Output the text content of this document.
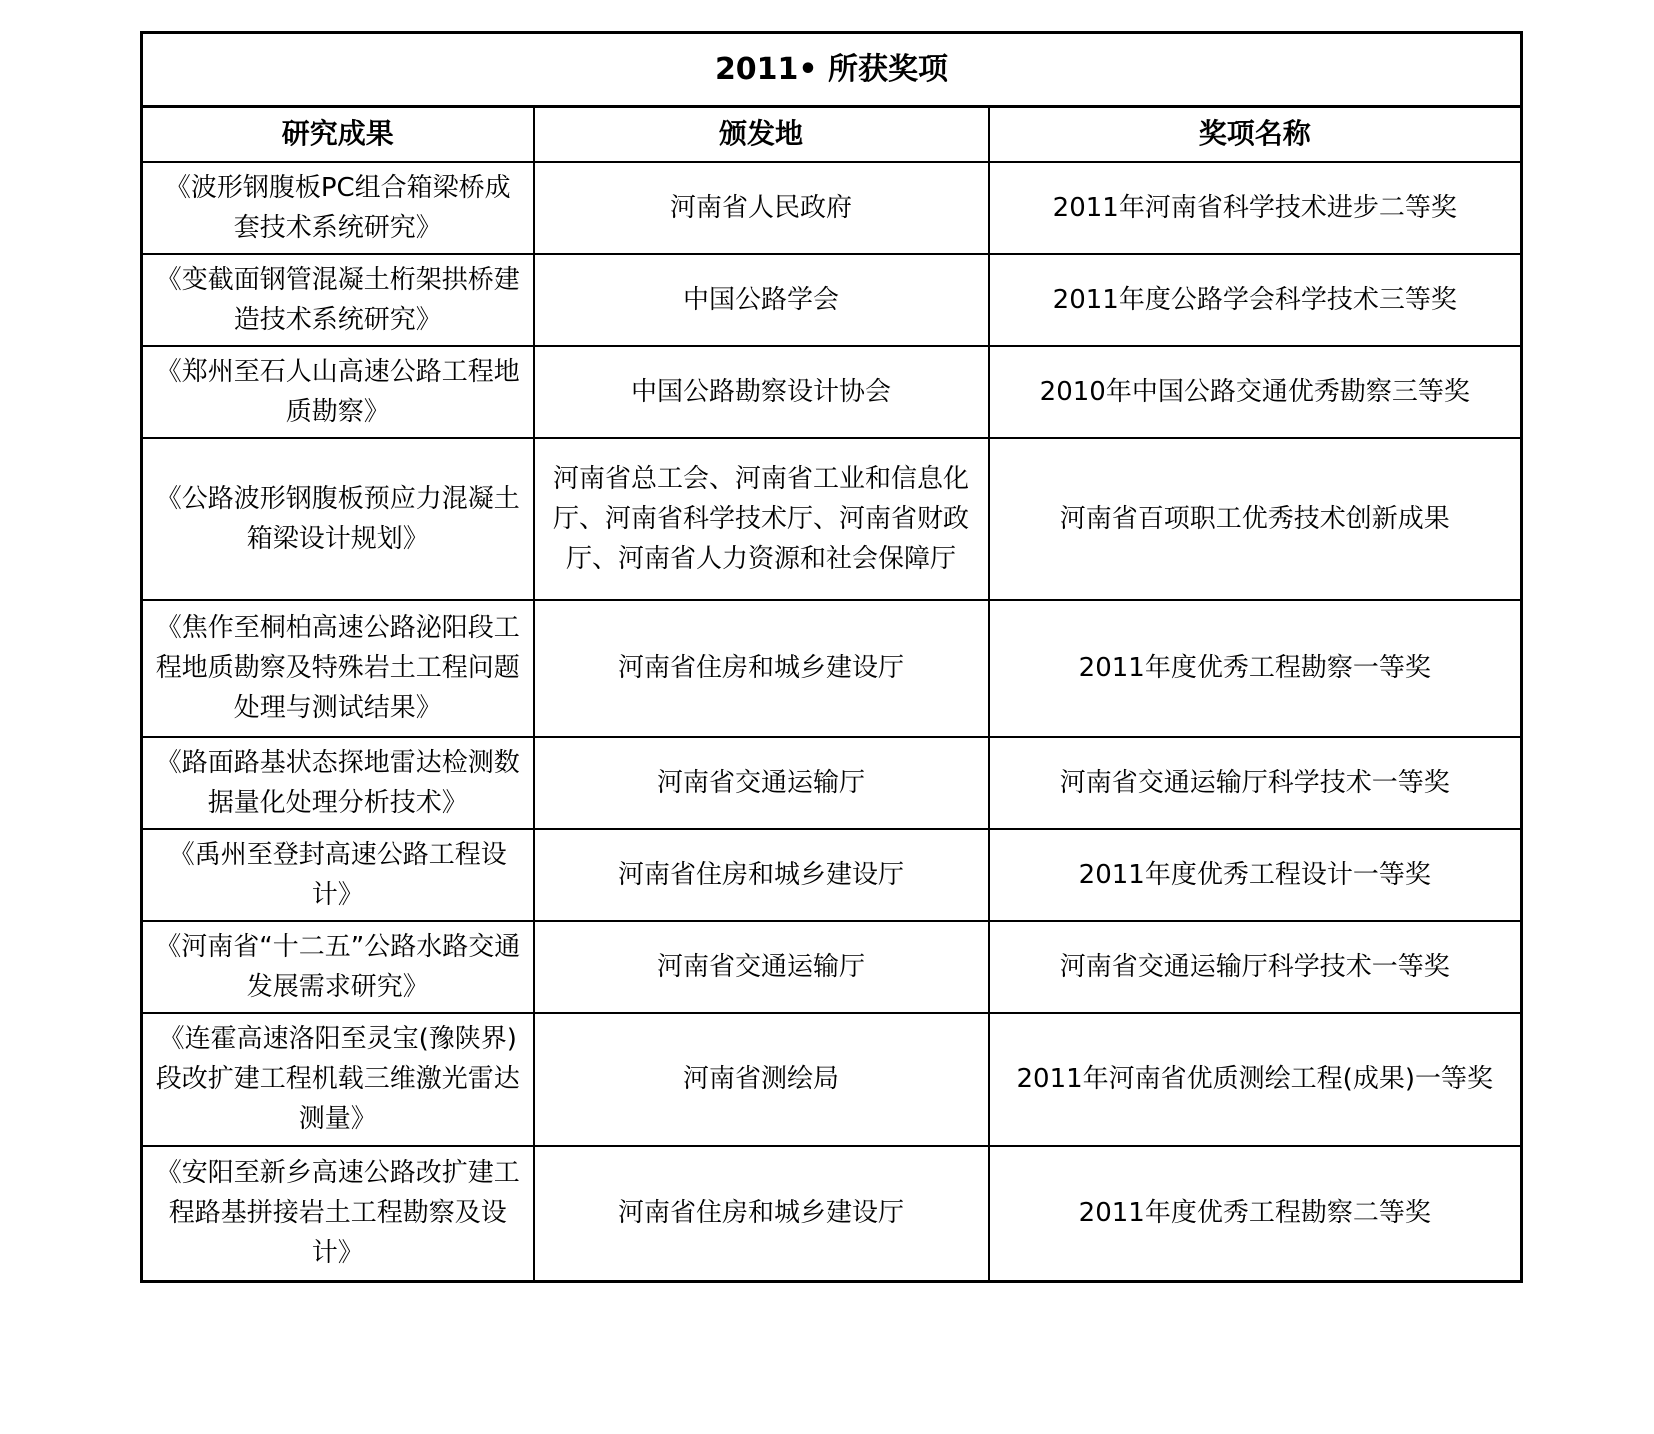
2011• 所获奖项		
研究成果	颁发地	奖项名称
《波形钢腹板PC组合箱梁桥成套技术系统研究》	河南省人民政府	2011年河南省科学技术进步二等奖
《变截面钢管混凝土桁架拱桥建造技术系统研究》	中国公路学会	2011年度公路学会科学技术三等奖
《郑州至石人山高速公路工程地质勘察》	中国公路勘察设计协会	2010年中国公路交通优秀勘察三等奖
《公路波形钢腹板预应力混凝土箱梁设计规划》	河南省总工会、河南省工业和信息化厅、河南省科学技术厅、河南省财政厅、河南省人力资源和社会保障厅	河南省百项职工优秀技术创新成果
《焦作至桐柏高速公路泌阳段工程地质勘察及特殊岩土工程问题处理与测试结果》	河南省住房和城乡建设厅	2011年度优秀工程勘察一等奖
《路面路基状态探地雷达检测数据量化处理分析技术》	河南省交通运输厅	河南省交通运输厅科学技术一等奖
《禹州至登封高速公路工程设计》	河南省住房和城乡建设厅	2011年度优秀工程设计一等奖
《河南省“十二五”公路水路交通发展需求研究》	河南省交通运输厅	河南省交通运输厅科学技术一等奖
《连霍高速洛阳至灵宝(豫陕界)段改扩建工程机载三维激光雷达测量》	河南省测绘局	2011年河南省优质测绘工程(成果)一等奖
《安阳至新乡高速公路改扩建工程路基拼接岩土工程勘察及设计》	河南省住房和城乡建设厅	2011年度优秀工程勘察二等奖
